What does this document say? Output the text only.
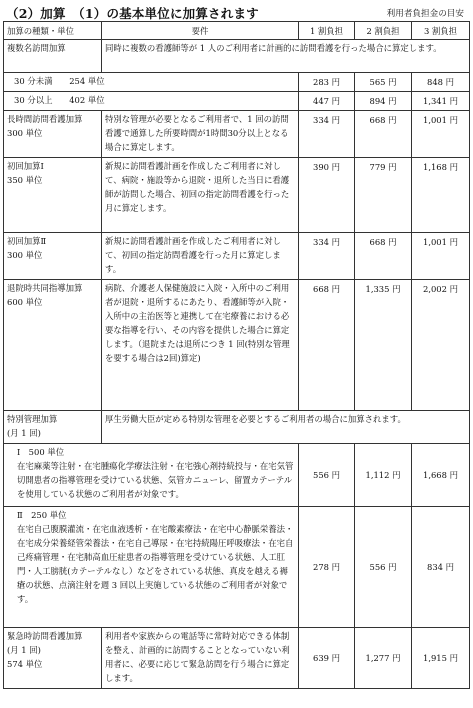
（2）加算　（1）の基本単位に加算されます	利用者負担金の目安
加算の種類・単位	要件	1 割負担	2 割負担	3 割負担
複数名訪問加算	同時に複数の看護師等が 1 人のご利用者に計画的に訪問看護を行った場合に算定します。			
30 分未満　　254 単位		283 円	565 円	848 円
30 分以上　　402 単位		447 円	894 円	1,341 円

長時間訪問看護加算
300 単位	特別な管理が必要となるご利用者で、1 回の訪問看護で通算した所要時間が1時間30分以上となる場合に算定します。	334 円	668 円	1,001 円

初回加算Ⅰ
350 単位	新規に訪問看護計画を作成したご利用者に対して、病院・施設等から退院・退所した当日に看護師が訪問した場合、初回の指定訪問看護を行った月に算定します。	390 円	779 円	1,168 円

初回加算Ⅱ
300 単位	新規に訪問看護計画を作成したご利用者に対して、初回の指定訪問看護を行った月に算定します。	334 円	668 円	1,001 円

退院時共同指導加算
600 単位	病院、介護老人保健施設に入院・入所中のご利用者が退院・退所するにあたり、看護師等が入院・入所中の主治医等と連携して在宅療養における必要な指導を行い、その内容を提供した場合に算定します。（退院または退所につき 1 回(特別な管理を要する場合は2回)算定)	668 円	1,335 円	2,002 円

特別管理加算
(月 1 回)	厚生労働大臣が定める特別な管理を必要とするご利用者の場合に加算されます。			

Ⅰ　500 単位
在宅麻薬等注射・在宅腫瘍化学療法注射・在宅強心剤持続投与・在宅気管切開患者の指導管理を受けている状態、気管カニューレ、留置カテーテルを使用している状態のご利用者が対象です。		556 円	1,112 円	1,668 円

Ⅱ　250 単位
在宅自己腹膜灌流・在宅血液透析・在宅酸素療法・在宅中心静脈栄養法・在宅成分栄養経管栄養法・在宅自己導尿・在宅持続陽圧呼吸療法・在宅自己疼痛管理・在宅肺高血圧症患者の指導管理を受けている状態、人工肛門・人工膀胱(カテーテルなし）などをされている状態、真皮を越える褥瘡の状態、点滴注射を週 3 回以上実施している状態のご利用者が対象です。		278 円	556 円	834 円

緊急時訪問看護加算
(月 1 回)
574 単位	利用者や家族からの電話等に常時対応できる体制を整え、計画的に訪問することとなっていない利用者に、必要に応じて緊急訪問を行う場合に算定します。	639 円	1,277 円	1,915 円
